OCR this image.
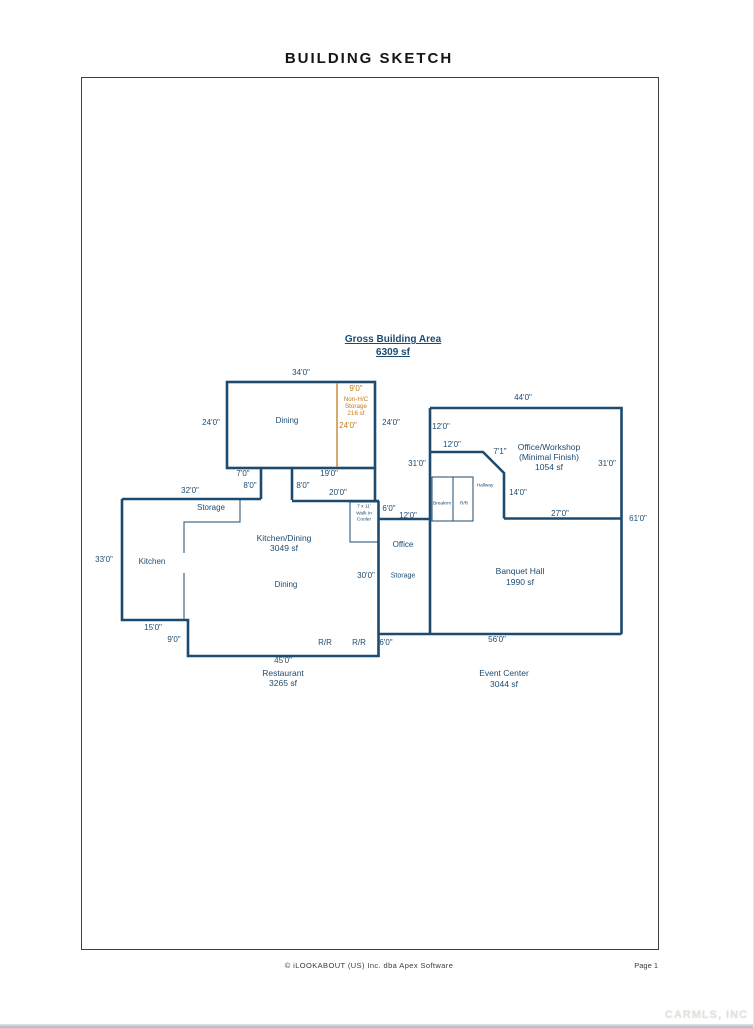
BUILDING SKETCH
Gross Building Area
6309 sf
34'0"
24'0"	24'0"
Dining
9'0"
Non-H/C
Storage
216 sf
24'0"
7'0"
8'0"
19'0"
8'0"
20'0"
32'0"
Storage
33'0"	Kitchen
Kitchen/Dining
3049 sf
Dining
7 x 11'
Walk In
Cooler
6'0"
12'0"
Office
30'0" Storage
15'0"
9'0"	R/R	R/R 6'0"
45'0"
Restaurant
3265 sf
44'0"
12'0"
12'0"
31'0"
Office/Workshop
(Minimal Finish)
1054 sf
7'1"
31'0"
Hallway
Breakrm R/R
14'0"
27'0"
61'0"
Banquet Hall
1990 sf
56'0"
Event Center
3044 sf
© iLOOKABOUT (US) Inc. dba Apex Software	Page 1
CARMLS, INC
